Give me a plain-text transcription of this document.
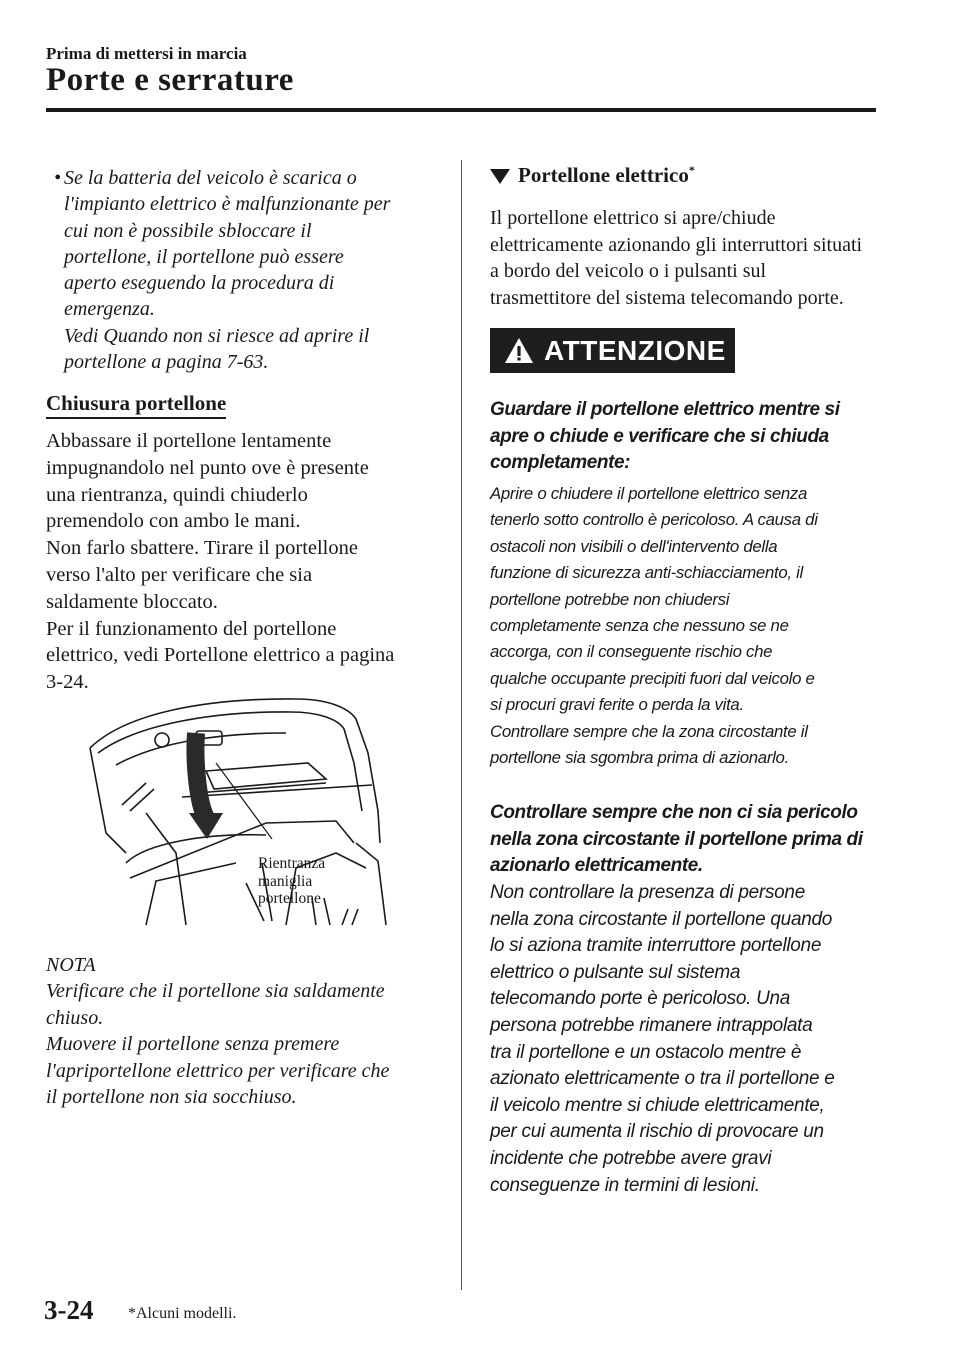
Prima di mettersi in marcia
Porte e serrature
• Se la batteria del veicolo è scarica o
l'impianto elettrico è malfunzionante per
cui non è possibile sbloccare il
portellone, il portellone può essere
aperto eseguendo la procedura di
emergenza.
Vedi Quando non si riesce ad aprire il
portellone a pagina 7-63.
Chiusura portellone
Abbassare il portellone lentamente
impugnandolo nel punto ove è presente
una rientranza, quindi chiuderlo
premendolo con ambo le mani.
Non farlo sbattere. Tirare il portellone
verso l'alto per verificare che sia
saldamente bloccato.
Per il funzionamento del portellone
elettrico, vedi Portellone elettrico a pagina
3-24.
Rientranza
maniglia
portellone
NOTA
Verificare che il portellone sia saldamente
chiuso.
Muovere il portellone senza premere
l'apriportellone elettrico per verificare che
il portellone non sia socchiuso.
Portellone elettrico*
Il portellone elettrico si apre/chiude
elettricamente azionando gli interruttori situati
a bordo del veicolo o i pulsanti sul
trasmettitore del sistema telecomando porte.
ATTENZIONE
Guardare il portellone elettrico mentre si
apre o chiude e verificare che si chiuda
completamente:
Aprire o chiudere il portellone elettrico senza
tenerlo sotto controllo è pericoloso. A causa di
ostacoli non visibili o dell'intervento della
funzione di sicurezza anti-schiacciamento, il
portellone potrebbe non chiudersi
completamente senza che nessuno se ne
accorga, con il conseguente rischio che
qualche occupante precipiti fuori dal veicolo e
si procuri gravi ferite o perda la vita.
Controllare sempre che la zona circostante il
portellone sia sgombra prima di azionarlo.
Controllare sempre che non ci sia pericolo
nella zona circostante il portellone prima di
azionarlo elettricamente.
Non controllare la presenza di persone
nella zona circostante il portellone quando
lo si aziona tramite interruttore portellone
elettrico o pulsante sul sistema
telecomando porte è pericoloso. Una
persona potrebbe rimanere intrappolata
tra il portellone e un ostacolo mentre è
azionato elettricamente o tra il portellone e
il veicolo mentre si chiude elettricamente,
per cui aumenta il rischio di provocare un
incidente che potrebbe avere gravi
conseguenze in termini di lesioni.
3-24 *Alcuni modelli.
